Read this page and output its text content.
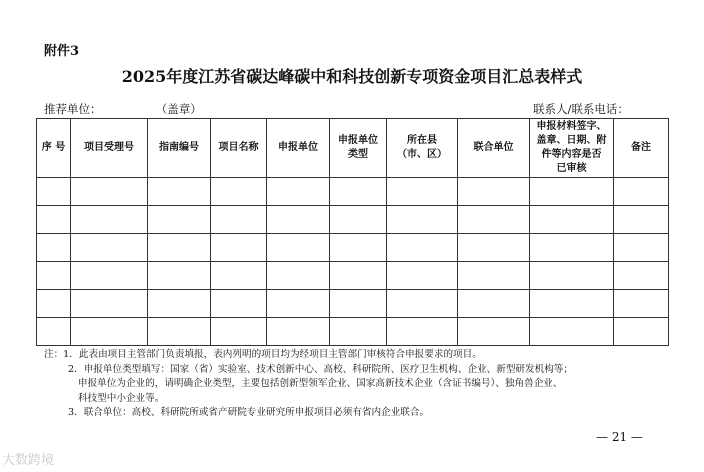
附件3
2025年度江苏省碳达峰碳中和科技创新专项资金项目汇总表样式
推荐单位：	（盖章）	联系人/联系电话：
序 号	项目受理号	指南编号	项目名称	申报单位	申报单位
类型	所在县
（市、区）	联合单位	申报材料签字、
盖章、日期、附
件等内容是否
已审核	备注

注：1．此表由项目主管部门负责填报，表内列明的项目均为经项目主管部门审核符合申报要求的项目。
2．申报单位类型填写：国家（省）实验室、技术创新中心、高校、科研院所、医疗卫生机构、企业、新型研发机构等；
申报单位为企业的，请明确企业类型，主要包括创新型领军企业、国家高新技术企业（含证书编号）、独角兽企业、
科技型中小企业等。
3．联合单位：高校、科研院所或省产研院专业研究所申报项目必须有省内企业联合。
— 21 —
大数跨境
